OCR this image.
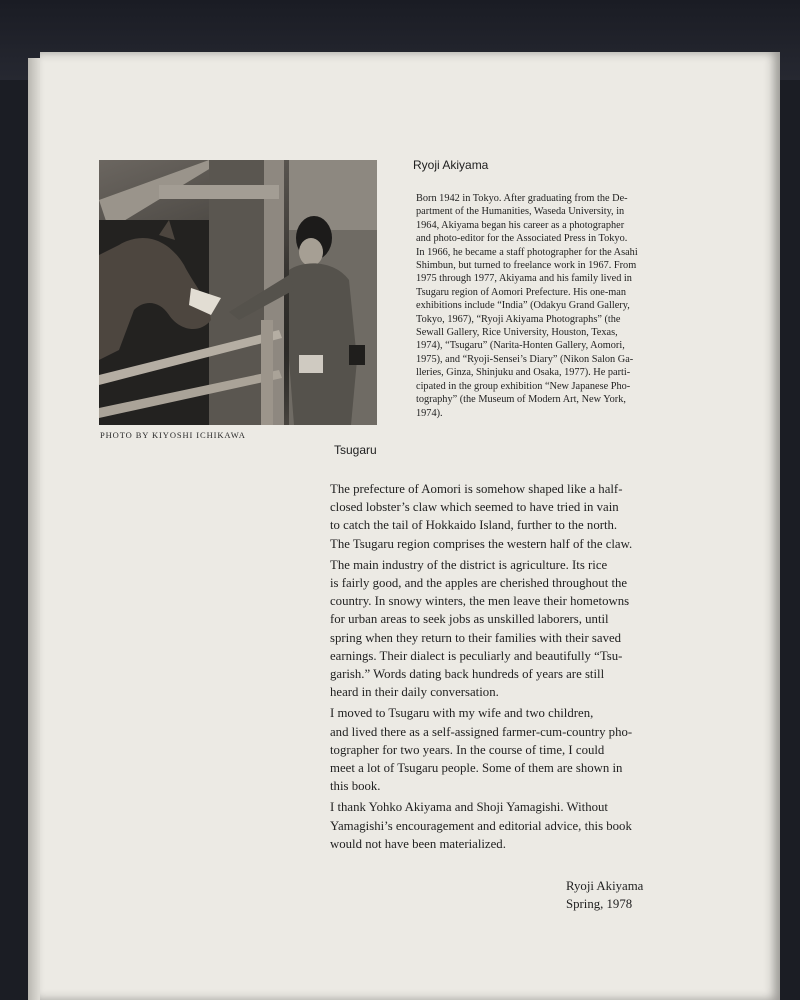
PHOTO BY KIYOSHI ICHIKAWA
Ryoji Akiyama
Born 1942 in Tokyo. After graduating from the De-
partment of the Humanities, Waseda University, in
1964, Akiyama began his career as a photographer
and photo-editor for the Associated Press in Tokyo.
In 1966, he became a staff photographer for the Asahi
Shimbun, but turned to freelance work in 1967. From
1975 through 1977, Akiyama and his family lived in
Tsugaru region of Aomori Prefecture. His one-man
exhibitions include “India” (Odakyu Grand Gallery,
Tokyo, 1967), “Ryoji Akiyama Photographs” (the
Sewall Gallery, Rice University, Houston, Texas,
1974), “Tsugaru” (Narita-Honten Gallery, Aomori,
1975), and “Ryoji-Sensei’s Diary” (Nikon Salon Ga-
lleries, Ginza, Shinjuku and Osaka, 1977). He parti-
cipated in the group exhibition “New Japanese Pho-
tography” (the Museum of Modern Art, New York,
1974).
Tsugaru
The prefecture of Aomori is somehow shaped like a half-
closed lobster’s claw which seemed to have tried in vain
to catch the tail of Hokkaido Island, further to the north.
The Tsugaru region comprises the western half of the claw.
The main industry of the district is agriculture. Its rice
is fairly good, and the apples are cherished throughout the
country. In snowy winters, the men leave their hometowns
for urban areas to seek jobs as unskilled laborers, until
spring when they return to their families with their saved
earnings. Their dialect is peculiarly and beautifully “Tsu-
garish.” Words dating back hundreds of years are still
heard in their daily conversation.
I moved to Tsugaru with my wife and two children,
and lived there as a self-assigned farmer-cum-country pho-
tographer for two years. In the course of time, I could
meet a lot of Tsugaru people. Some of them are shown in
this book.
I thank Yohko Akiyama and Shoji Yamagishi. Without
Yamagishi’s encouragement and editorial advice, this book
would not have been materialized.
Ryoji Akiyama
Spring, 1978
